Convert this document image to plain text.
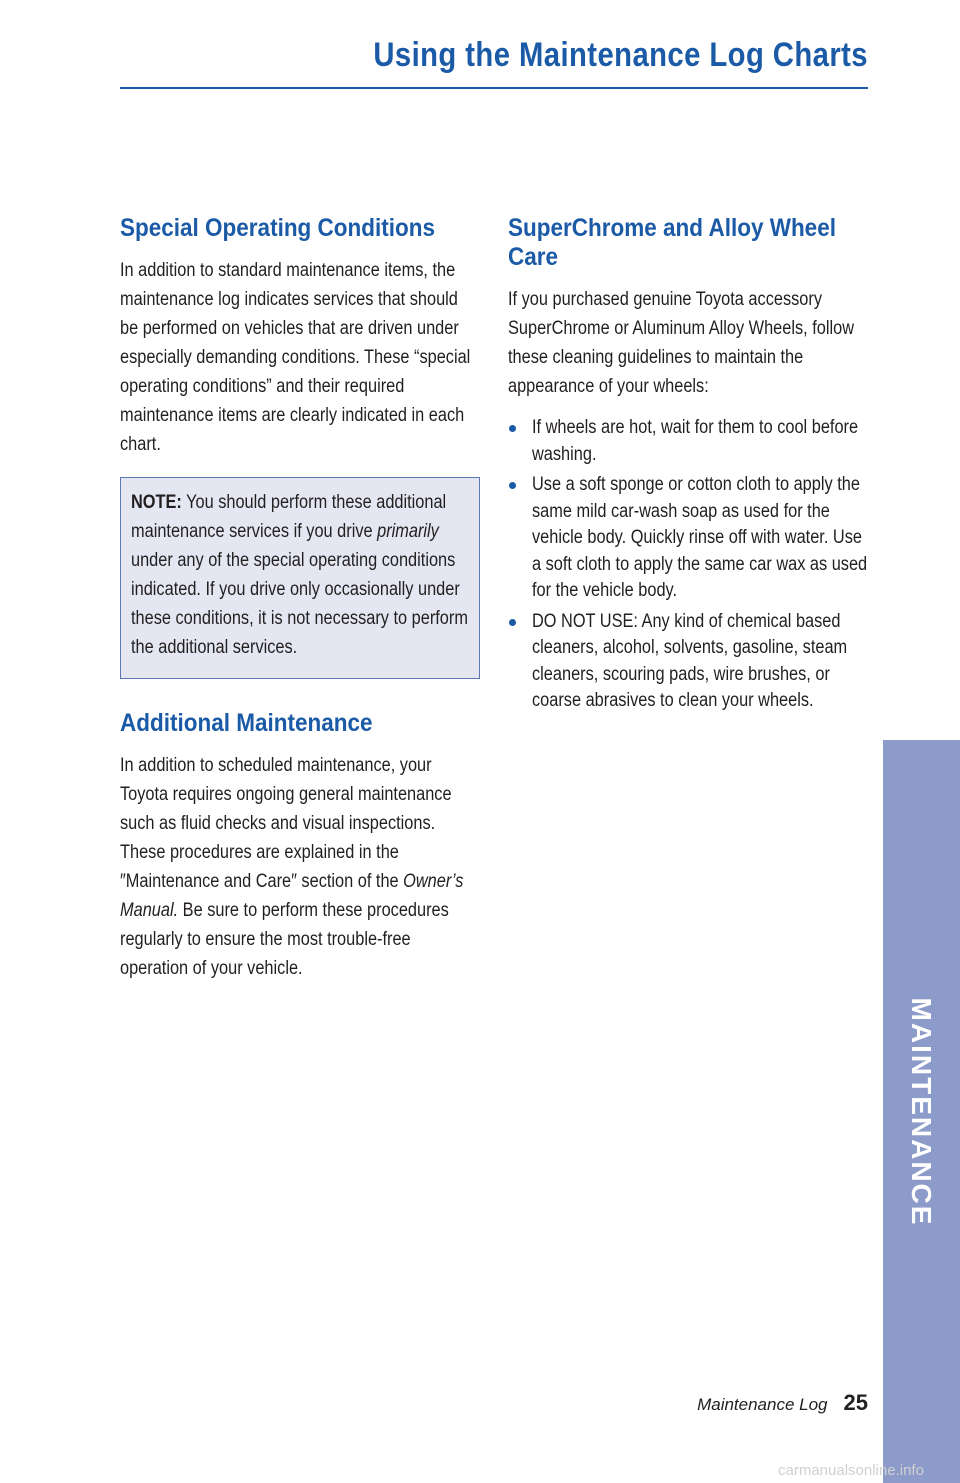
Using the Maintenance Log Charts
Special Operating Conditions

In addition to standard maintenance items, the maintenance log indicates services that should be performed on vehicles that are driven under especially demanding conditions. These “special operating conditions” and their required maintenance items are clearly indicated in each chart.

NOTE: You should perform these additional maintenance services if you drive primarily under any of the special operating conditions indicated. If you drive only occasionally under these conditions, it is not necessary to perform the additional services.

Additional Maintenance

In addition to scheduled maintenance, your Toyota requires ongoing general maintenance such as fluid checks and visual inspections. These procedures are explained in the ″Maintenance and Care″ section of the Owner’s Manual. Be sure to perform these procedures regularly to ensure the most trouble-free operation of your vehicle.

SuperChrome and Alloy Wheel Care

If you purchased genuine Toyota accessory SuperChrome or Aluminum Alloy Wheels, follow these cleaning guidelines to maintain the appearance of your wheels:

If wheels are hot, wait for them to cool before washing.
Use a soft sponge or cotton cloth to apply the same mild car-wash soap as used for the vehicle body. Quickly rinse off with water. Use a soft cloth to apply the same car wax as used for the vehicle body.
DO NOT USE: Any kind of chemical based cleaners, alcohol, solvents, gasoline, steam cleaners, scouring pads, wire brushes, or coarse abrasives to clean your wheels.
MAINTENANCE
Maintenance Log 25
carmanualsonline.info
